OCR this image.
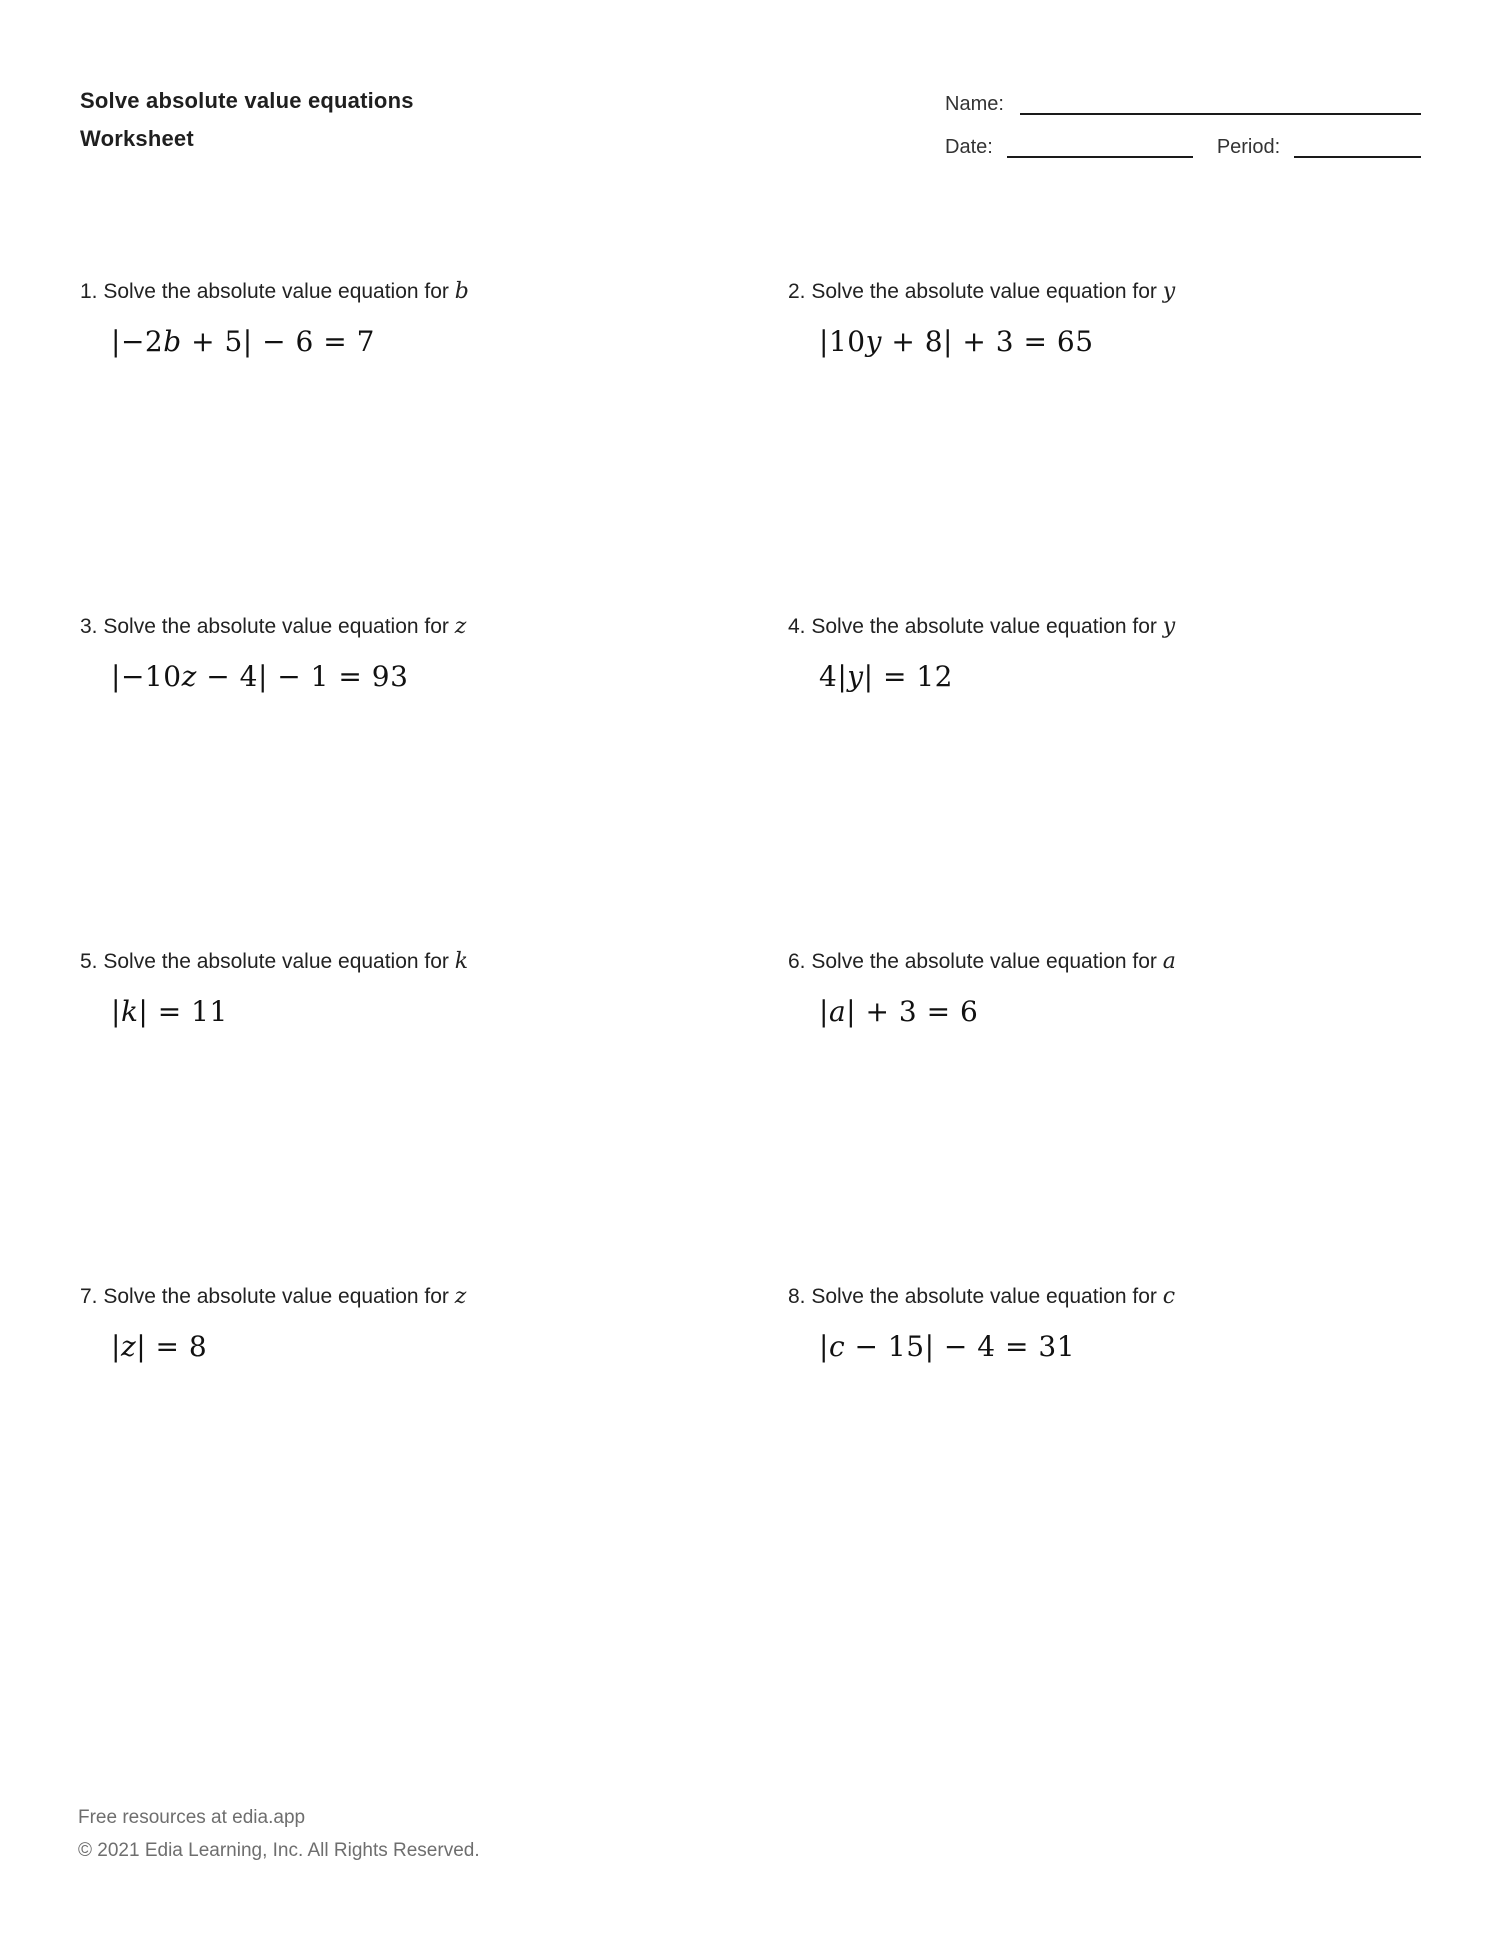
Solve absolute value equations
Worksheet
Name:
Date:	Period:
1. Solve the absolute value equation for b
|−2b + 5| − 6 = 7
2. Solve the absolute value equation for y
|10y + 8| + 3 = 65
3. Solve the absolute value equation for z
|−10z − 4| − 1 = 93
4. Solve the absolute value equation for y
4|y| = 12
5. Solve the absolute value equation for k
|k| = 11
6. Solve the absolute value equation for a
|a| + 3 = 6
7. Solve the absolute value equation for z
|z| = 8
8. Solve the absolute value equation for c
|c − 15| − 4 = 31
Free resources at edia.app
© 2021 Edia Learning, Inc. All Rights Reserved.
